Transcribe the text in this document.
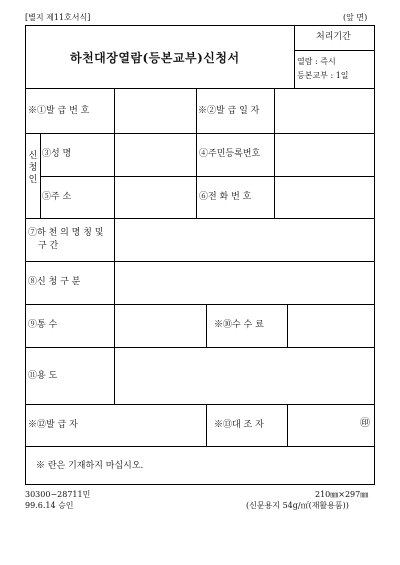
[별지 제11호서식]	(앞 면)
하천대장열람(등본교부)신청서
처리기간
열람 : 즉시
등본교부 : 1일
※①발 급 번 호	※②발 급 일 자
신청인
③성 명	④주민등록번호
⑤주 소	⑥전 화 번 호
⑦하 천 의 명 칭 및
구 간
⑧신 청 구 분
⑨통 수	※⑩수 수 료
⑪용 도
※⑫발 급 자	※⑬대 조 자	㊞
※ 란은 기재하지 마십시오.
30300−28711민
99.6.14 승인
210㎜×297㎜
(신문용지 54g/㎡(재활용품))
